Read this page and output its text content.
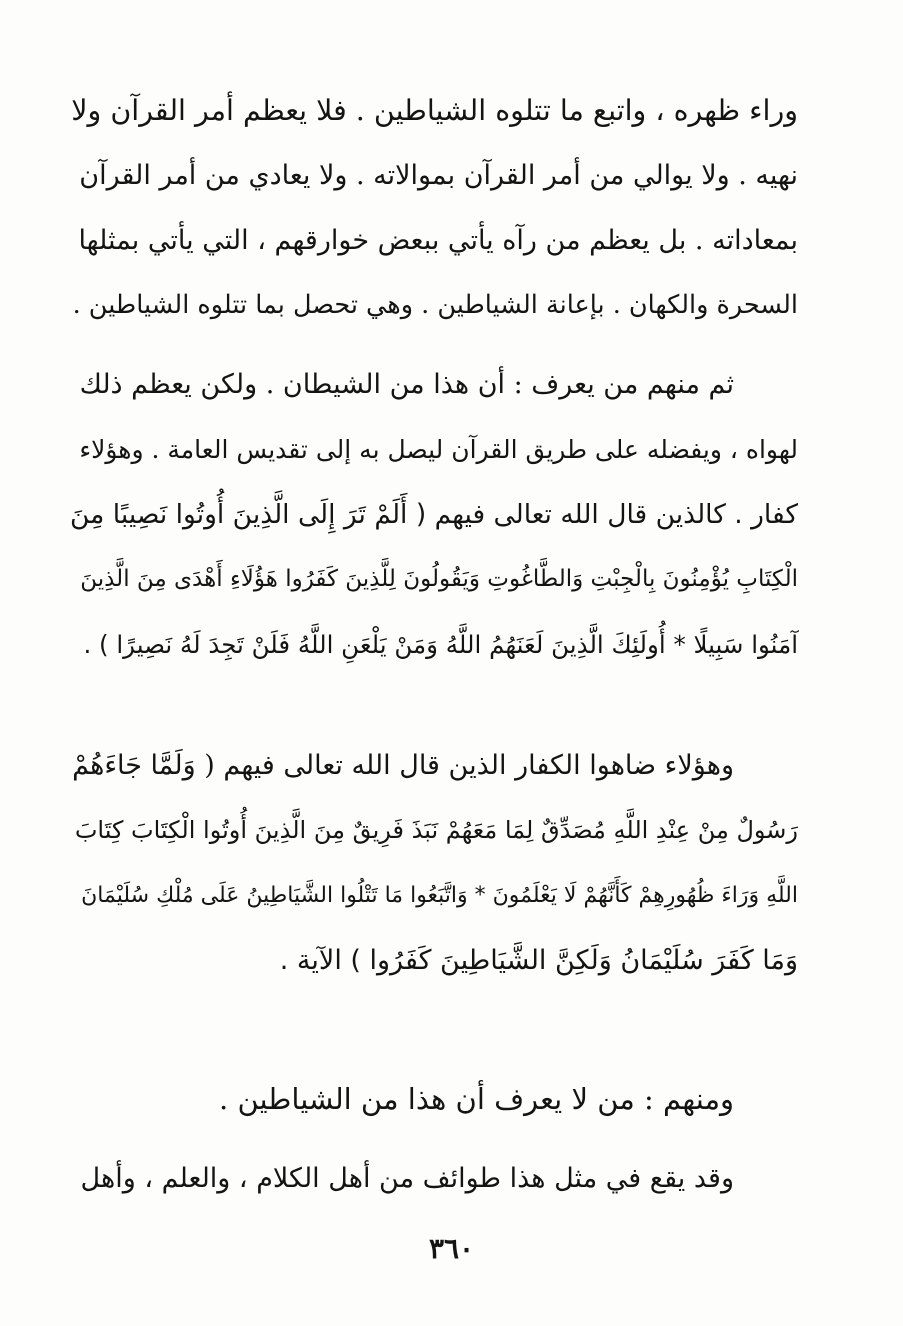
وراء ظهره ، واتبع ما تتلوه الشياطين . فلا يعظم أمر القرآن ولا
نهيه . ولا يوالي من أمر القرآن بموالاته . ولا يعادي من أمر القرآن
بمعاداته . بل يعظم من رآه يأتي ببعض خوارقهم ، التي يأتي بمثلها
السحرة والكهان . بإعانة الشياطين . وهي تحصل بما تتلوه الشياطين .
ثم منهم من يعرف : أن هذا من الشيطان . ولكن يعظم ذلك
لهواه ، ويفضله على طريق القرآن ليصل به إلى تقديس العامة . وهؤلاء
كفار . كالذين قال الله تعالى فيهم ( أَلَمْ تَرَ إِلَى الَّذِينَ أُوتُوا نَصِيبًا مِنَ
الْكِتَابِ يُؤْمِنُونَ بِالْجِبْتِ وَالطَّاغُوتِ وَيَقُولُونَ لِلَّذِينَ كَفَرُوا هَؤُلَاءِ أَهْدَى مِنَ الَّذِينَ
آمَنُوا سَبِيلًا * أُولَئِكَ الَّذِينَ لَعَنَهُمُ اللَّهُ وَمَنْ يَلْعَنِ اللَّهُ فَلَنْ تَجِدَ لَهُ نَصِيرًا ) .
وهؤلاء ضاهوا الكفار الذين قال الله تعالى فيهم ( وَلَمَّا جَاءَهُمْ
رَسُولٌ مِنْ عِنْدِ اللَّهِ مُصَدِّقٌ لِمَا مَعَهُمْ نَبَذَ فَرِيقٌ مِنَ الَّذِينَ أُوتُوا الْكِتَابَ كِتَابَ
اللَّهِ وَرَاءَ ظُهُورِهِمْ كَأَنَّهُمْ لَا يَعْلَمُونَ * وَاتَّبَعُوا مَا تَتْلُوا الشَّيَاطِينُ عَلَى مُلْكِ سُلَيْمَانَ
وَمَا كَفَرَ سُلَيْمَانُ وَلَكِنَّ الشَّيَاطِينَ كَفَرُوا ) الآية .
ومنهم : من لا يعرف أن هذا من الشياطين .
وقد يقع في مثل هذا طوائف من أهل الكلام ، والعلم ، وأهل
٣٦٠
